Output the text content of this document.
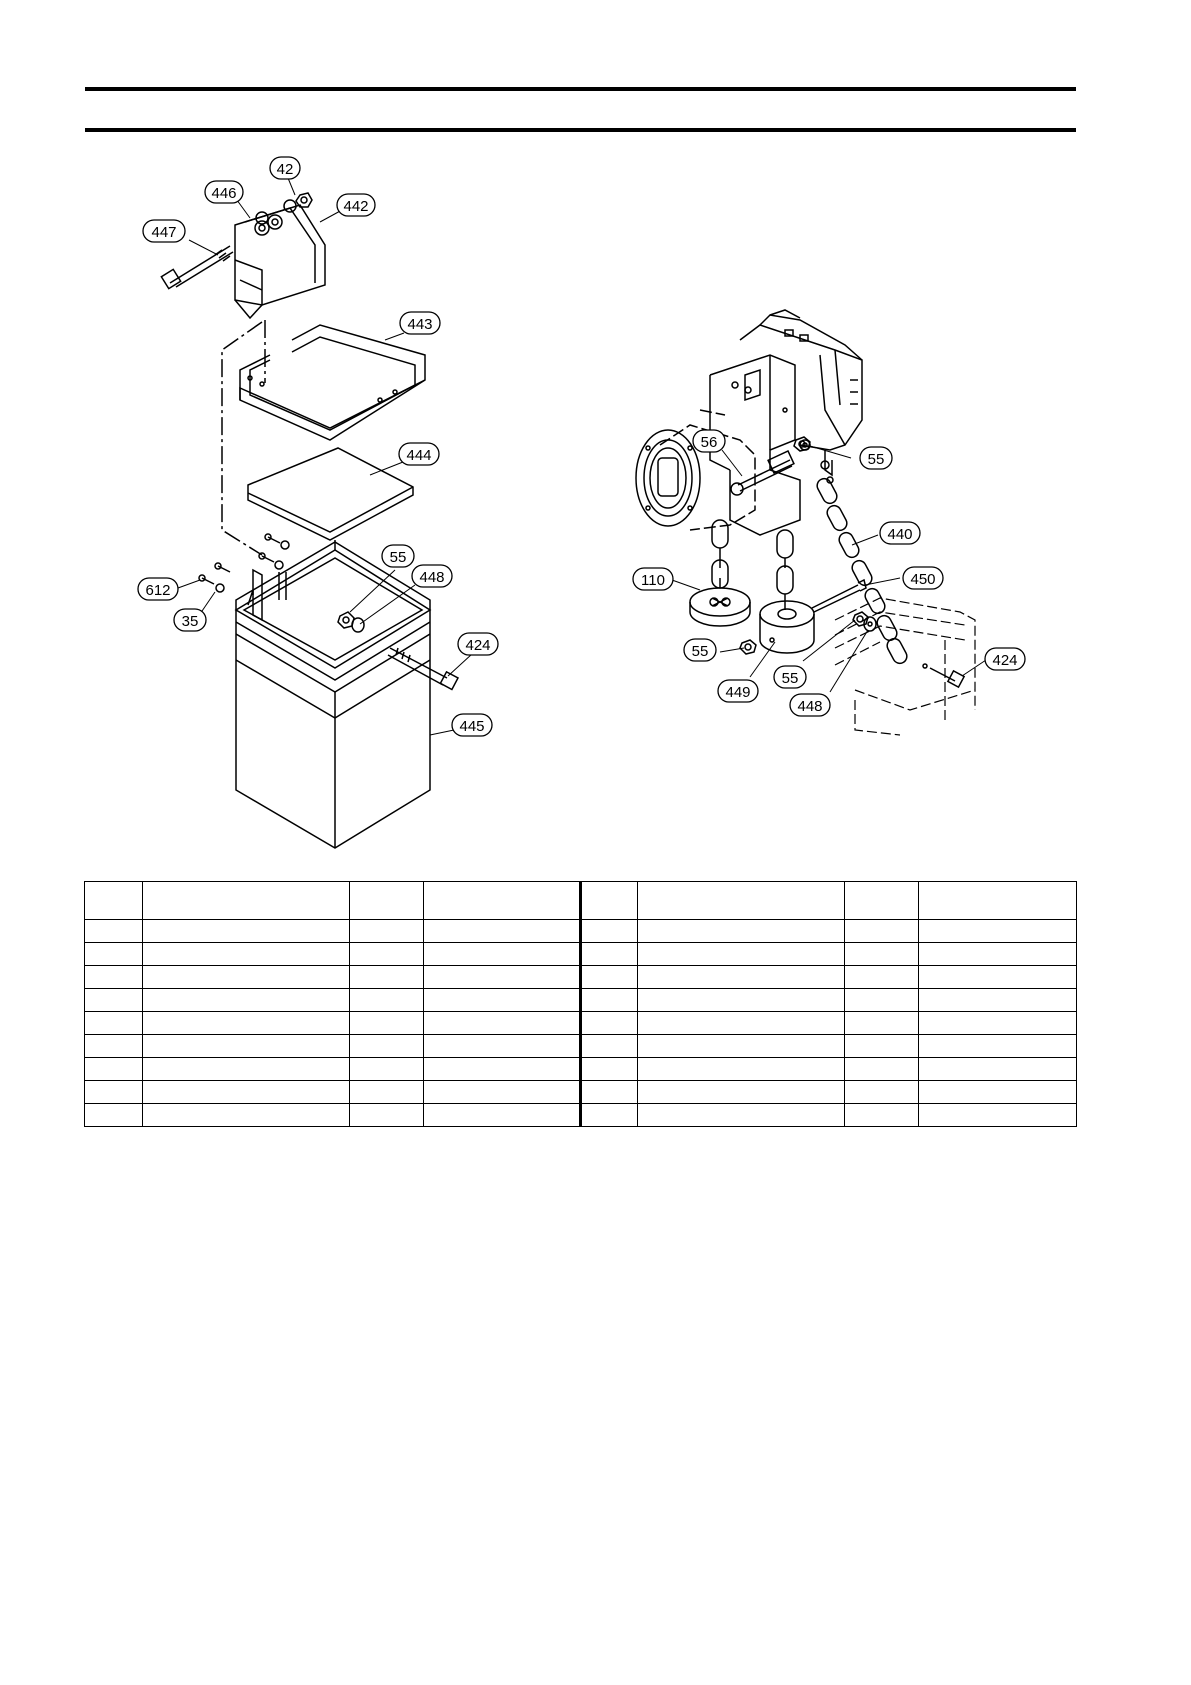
42
446
442
447
443
444
55
448
612
35
424
445
56
55
440
450
110
55
55
449
448
424
